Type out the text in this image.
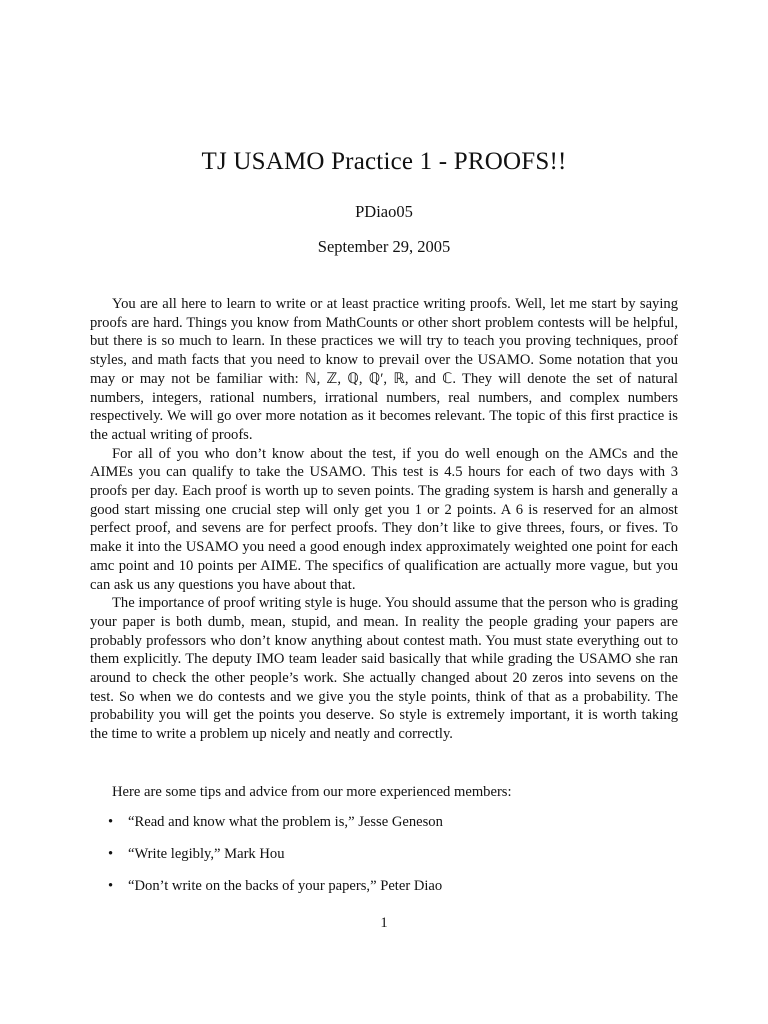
TJ USAMO Practice 1 - PROOFS!!
PDiao05
September 29, 2005

You are all here to learn to write or at least practice writing proofs. Well, let me start by saying proofs are hard. Things you know from MathCounts or other short problem contests will be helpful, but there is so much to learn. In these practices we will try to teach you proving techniques, proof styles, and math facts that you need to know to prevail over the USAMO. Some notation that you may or may not be familiar with: ℕ, ℤ, ℚ, ℚ′, ℝ, and ℂ. They will denote the set of natural numbers, integers, rational numbers, irrational numbers, real numbers, and complex numbers respectively. We will go over more notation as it becomes relevant. The topic of this first practice is the actual writing of proofs.

For all of you who don’t know about the test, if you do well enough on the AMCs and the AIMEs you can qualify to take the USAMO. This test is 4.5 hours for each of two days with 3 proofs per day. Each proof is worth up to seven points. The grading system is harsh and generally a good start missing one crucial step will only get you 1 or 2 points. A 6 is reserved for an almost perfect proof, and sevens are for perfect proofs. They don’t like to give threes, fours, or fives. To make it into the USAMO you need a good enough index approximately weighted one point for each amc point and 10 points per AIME. The specifics of qualification are actually more vague, but you can ask us any questions you have about that.

The importance of proof writing style is huge. You should assume that the person who is grading your paper is both dumb, mean, stupid, and mean. In reality the people grading your papers are probably professors who don’t know anything about contest math. You must state everything out to them explicitly. The deputy IMO team leader said basically that while grading the USAMO she ran around to check the other people’s work. She actually changed about 20 zeros into sevens on the test. So when we do contests and we give you the style points, think of that as a probability. The probability you will get the points you deserve. So style is extremely important, it is worth taking the time to write a problem up nicely and neatly and correctly.

Here are some tips and advice from our more experienced members:
• “Read and know what the problem is,” Jesse Geneson
• “Write legibly,” Mark Hou
• “Don’t write on the backs of your papers,” Peter Diao
1
